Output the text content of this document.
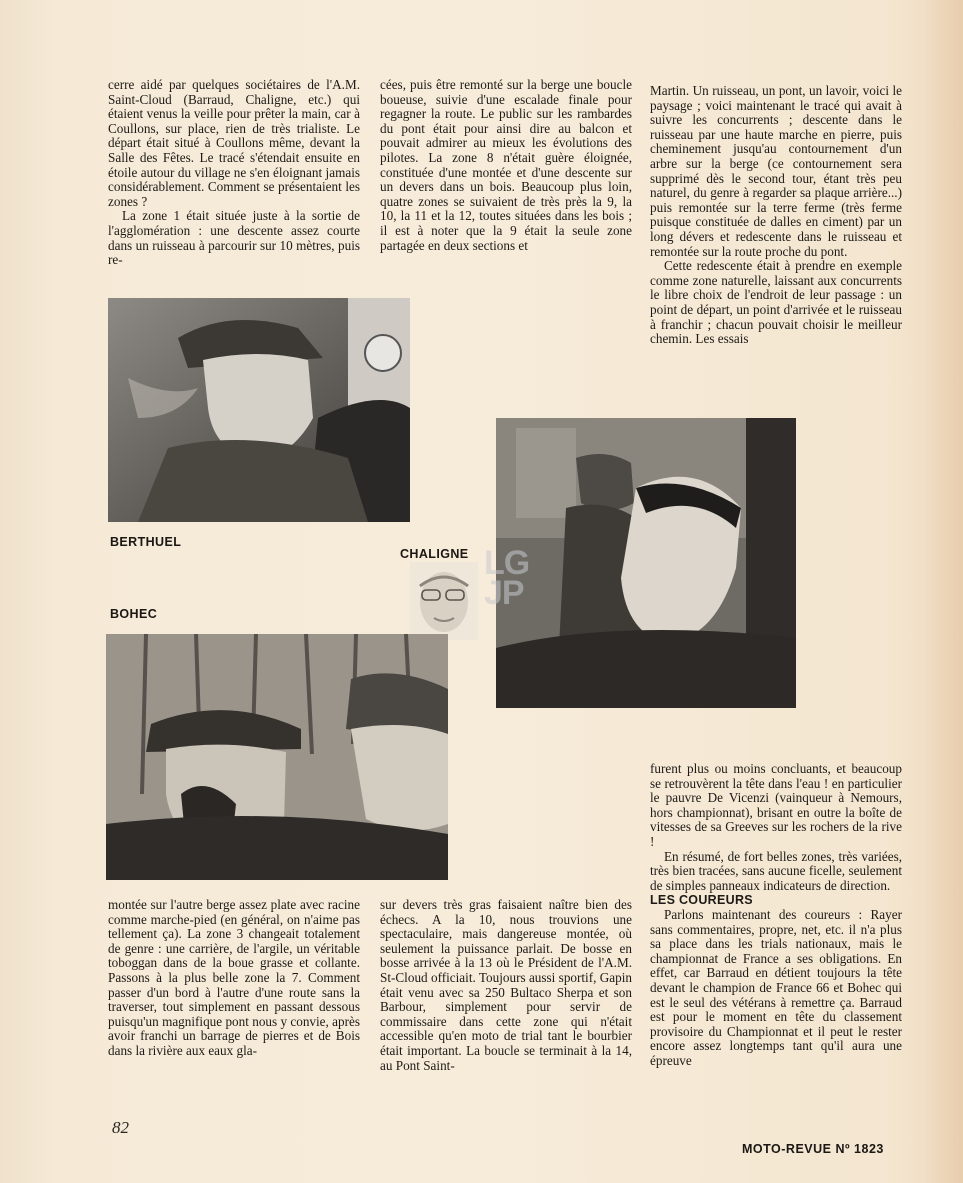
cerre aidé par quelques sociétaires de l'A.M. Saint-Cloud (Barraud, Chaligne, etc.) qui étaient venus la veille pour prêter la main, car à Coullons, sur place, rien de très trialiste. Le départ était situé à Coullons même, devant la Salle des Fêtes. Le tracé s'étendait ensuite en étoile autour du village ne s'en éloignant jamais considérablement. Comment se présentaient les zones ?

La zone 1 était située juste à la sortie de l'agglomération : une descente assez courte dans un ruisseau à parcourir sur 10 mètres, puis re-

cées, puis être remonté sur la berge une boucle boueuse, suivie d'une escalade finale pour regagner la route. Le public sur les rambardes du pont était pour ainsi dire au balcon et pouvait admirer au mieux les évolutions des pilotes. La zone 8 n'était guère éloignée, constituée d'une montée et d'une descente sur un devers dans un bois. Beaucoup plus loin, quatre zones se suivaient de très près la 9, la 10, la 11 et la 12, toutes situées dans les bois ; il est à noter que la 9 était la seule zone partagée en deux sections et

Martin. Un ruisseau, un pont, un lavoir, voici le paysage ; voici maintenant le tracé qui avait à suivre les concurrents ; descente dans le ruisseau par une haute marche en pierre, puis cheminement jusqu'au contournement d'un arbre sur la berge (ce contournement sera supprimé dès le second tour, étant très peu naturel, du genre à regarder sa plaque arrière...) puis remontée sur la terre ferme (très ferme puisque constituée de dalles en ciment) par un long dévers et redescente dans le ruisseau et remontée sur la route proche du pont.

Cette redescente était à prendre en exemple comme zone naturelle, laissant aux concurrents le libre choix de l'endroit de leur passage : un point de départ, un point d'arrivée et le ruisseau à franchir ; chacun pouvait choisir le meilleur chemin. Les essais

BERTHUEL
CHALIGNE LG
JP
BOHEC

furent plus ou moins concluants, et beaucoup se retrouvèrent la tête dans l'eau ! en particulier le pauvre De Vicenzi (vainqueur à Nemours, hors championnat), brisant en outre la boîte de vitesses de sa Greeves sur les rochers de la rive !

En résumé, de fort belles zones, très variées, très bien tracées, sans aucune ficelle, seulement de simples panneaux indicateurs de direction.

LES COUREURS

Parlons maintenant des coureurs : Rayer sans commentaires, propre, net, etc. il n'a plus sa place dans les trials nationaux, mais le championnat de France a ses obligations. En effet, car Barraud en détient toujours la tête devant le champion de France 66 et Bohec qui est le seul des vétérans à remettre ça. Barraud est pour le moment en tête du classement provisoire du Championnat et il peut le rester encore assez longtemps tant qu'il aura une épreuve

montée sur l'autre berge assez plate avec racine comme marche-pied (en général, on n'aime pas tellement ça). La zone 3 changeait totalement de genre : une carrière, de l'argile, un véritable toboggan dans de la boue grasse et collante. Passons à la plus belle zone la 7. Comment passer d'un bord à l'autre d'une route sans la traverser, tout simplement en passant dessous puisqu'un magnifique pont nous y convie, après avoir franchi un barrage de pierres et de Bois dans la rivière aux eaux gla-

sur devers très gras faisaient naître bien des échecs. A la 10, nous trouvions une spectaculaire, mais dangereuse montée, où seulement la puissance parlait. De bosse en bosse arrivée à la 13 où le Président de l'A.M. St-Cloud officiait. Toujours aussi sportif, Gapin était venu avec sa 250 Bultaco Sherpa et son Barbour, simplement pour servir de commissaire dans cette zone qui n'était accessible qu'en moto de trial tant le bourbier était important. La boucle se terminait à la 14, au Pont Saint-

82
MOTO-REVUE Nº 1823
